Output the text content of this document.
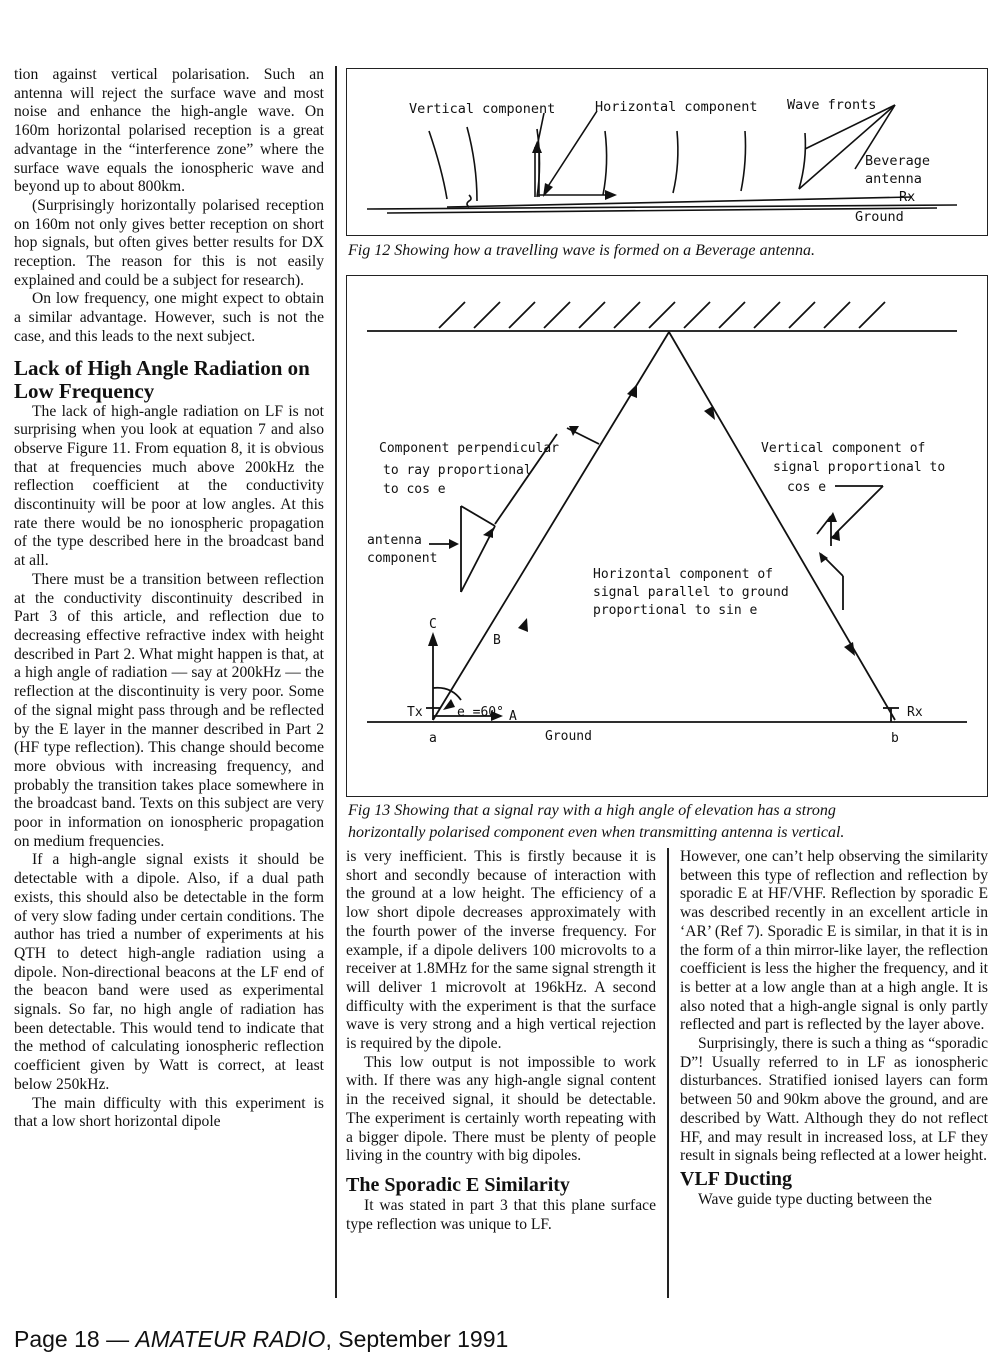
tion against vertical polarisation. Such an antenna will reject the surface wave and most noise and enhance the high-angle wave. On 160m horizontal polarised reception is a great advantage in the “interference zone” where the surface wave equals the ionospheric wave and beyond up to about 800km.

(Surprisingly horizontally polarised reception on 160m not only gives better reception on short hop signals, but often gives better results for DX reception. The reason for this is not easily explained and could be a subject for research).

On low frequency, one might expect to obtain a similar advantage. However, such is not the case, and this leads to the next subject.

Lack of High Angle Radiation on Low Frequency

The lack of high-angle radiation on LF is not surprising when you look at equation 7 and also observe Figure 11. From equation 8, it is obvious that at frequencies much above 200kHz the reflection coefficient at the conductivity discontinuity will be poor at low angles. At this rate there would be no ionospheric propagation of the type described here in the broadcast band at all.

There must be a transition between reflection at the conductivity discontinuity described in Part 3 of this article, and reflection due to decreasing effective refractive index with height described in Part 2. What might happen is that, at a high angle of radiation — say at 200kHz — the reflection at the discontinuity is very poor. Some of the signal might pass through and be reflected by the E layer in the manner described in Part 2 (HF type reflection). This change should become more obvious with increasing frequency, and probably the transition takes place somewhere in the broadcast band. Texts on this subject are very poor in information on ionospheric propagation on medium frequencies.

If a high-angle signal exists it should be detectable with a dipole. Also, if a dual path exists, this should also be detectable in the form of very slow fading under certain conditions. The author has tried a number of experiments at his QTH to detect high-angle radiation using a dipole. Non-directional beacons at the LF end of the beacon band were used as experimental signals. So far, no high angle of radiation has been detectable. This would tend to indicate that the method of calculating ionospheric reflection coefficient given by Watt is correct, at least below 250kHz.

The main difficulty with this experiment is that a low short horizontal dipole

Vertical component	Horizontal component Wave fronts
Beverage
antenna
Rx
Ground
Fig 12 Showing how a travelling wave is formed on a Beverage antenna.
Component perpendicular
to ray proportional
to cos e
antenna
component
Vertical component of
signal proportional to
cos e
Horizontal component of
signal parallel to ground
proportional to sin e
C
B
A
e =60°
Tx	Rx
a	Ground	b
Fig 13 Showing that a signal ray with a high angle of elevation has a strong
horizontally polarised component even when transmitting antenna is vertical.

is very inefficient. This is firstly because it is short and secondly because of interaction with the ground at a low height. The efficiency of a low short dipole decreases approximately with the fourth power of the inverse frequency. For example, if a dipole delivers 100 microvolts to a receiver at 1.8MHz for the same signal strength it will deliver 1 microvolt at 196kHz. A second difficulty with the experiment is that the surface wave is very strong and a high vertical rejection is required by the dipole.

This low output is not impossible to work with. If there was any high-angle signal content in the received signal, it should be detectable. The experiment is certainly worth repeating with a bigger dipole. There must be plenty of people living in the country with big dipoles.

The Sporadic E Similarity

It was stated in part 3 that this plane surface type reflection was unique to LF.

However, one can’t help observing the similarity between this type of reflection and reflection by sporadic E at HF/VHF. Reflection by sporadic E was described recently in an excellent article in ‘AR’ (Ref 7). Sporadic E is similar, in that it is in the form of a thin mirror-like layer, the reflection coefficient is less the higher the frequency, and it is better at a low angle than at a high angle. It is also noted that a high-angle signal is only partly reflected and part is reflected by the layer above.

Surprisingly, there is such a thing as “sporadic D”! Usually referred to in LF as ionospheric disturbances. Stratified ionised layers can form between 50 and 90km above the ground, and are described by Watt. Although they do not reflect HF, and may result in increased loss, at LF they result in signals being reflected at a lower height.

VLF Ducting

Wave guide type ducting between the

Page 18 — AMATEUR RADIO, September 1991
